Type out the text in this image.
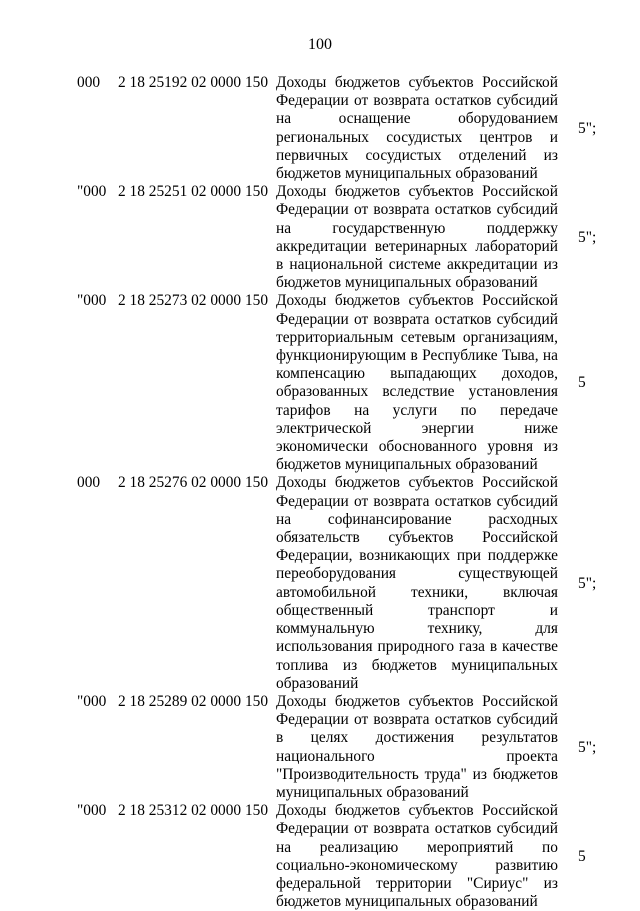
100
000 2 18 25192 02 0000 150 Доходы бюджетов субъектов Российской Федерации от возврата остатков субсидий на оснащение оборудованием региональных сосудистых центров и первичных сосудистых отделений из бюджетов муниципальных образований
5";
"000 2 18 25251 02 0000 150 Доходы бюджетов субъектов Российской Федерации от возврата остатков субсидий на государственную поддержку аккредитации ветеринарных лабораторий в национальной системе аккредитации из бюджетов муниципальных образований
5";
"000 2 18 25273 02 0000 150 Доходы бюджетов субъектов Российской Федерации от возврата остатков субсидий территориальным сетевым организациям, функционирующим в Республике Тыва, на компенсацию выпадающих доходов, образованных вследствие установления тарифов на услуги по передаче электрической энергии ниже экономически обоснованного уровня из бюджетов муниципальных образований
5
000 2 18 25276 02 0000 150 Доходы бюджетов субъектов Российской Федерации от возврата остатков субсидий на софинансирование расходных обязательств субъектов Российской Федерации, возникающих при поддержке переоборудования существующей автомобильной техники, включая общественный транспорт и коммунальную технику, для использования природного газа в качестве топлива из бюджетов муниципальных образований
5";
"000 2 18 25289 02 0000 150 Доходы бюджетов субъектов Российской Федерации от возврата остатков субсидий в целях достижения результатов национального проекта "Производительность труда" из бюджетов муниципальных образований
5";
"000 2 18 25312 02 0000 150 Доходы бюджетов субъектов Российской Федерации от возврата остатков субсидий на реализацию мероприятий по социально-экономическому развитию федеральной территории "Сириус" из бюджетов муниципальных образований
5
